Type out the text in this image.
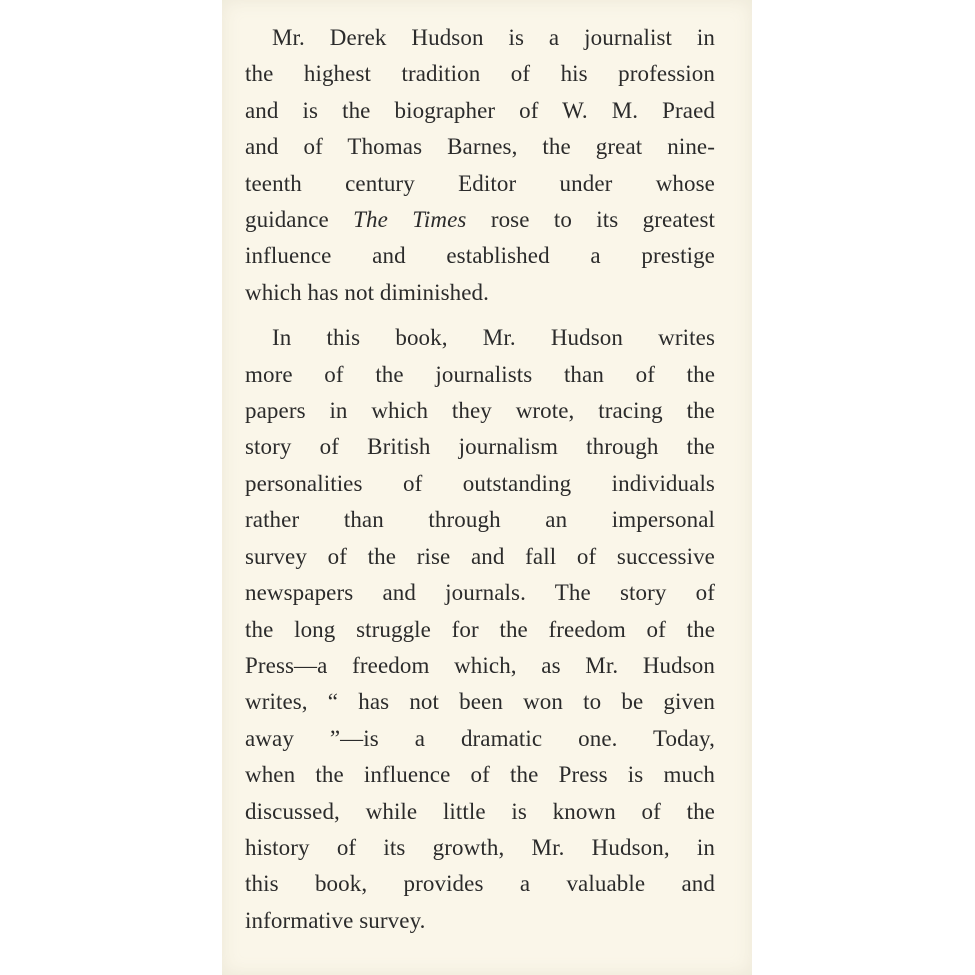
Mr. Derek Hudson is a journalist in
the highest tradition of his profession
and is the biographer of W. M. Praed
and of Thomas Barnes, the great nine-
teenth century Editor under whose
guidance The Times rose to its greatest
influence and established a prestige
which has not diminished.

In this book, Mr. Hudson writes
more of the journalists than of the
papers in which they wrote, tracing the
story of British journalism through the
personalities of outstanding individuals
rather than through an impersonal
survey of the rise and fall of successive
newspapers and journals. The story of
the long struggle for the freedom of the
Press—a freedom which, as Mr. Hudson
writes, “ has not been won to be given
away ”—is a dramatic one. Today,
when the influence of the Press is much
discussed, while little is known of the
history of its growth, Mr. Hudson, in
this book, provides a valuable and
informative survey.
